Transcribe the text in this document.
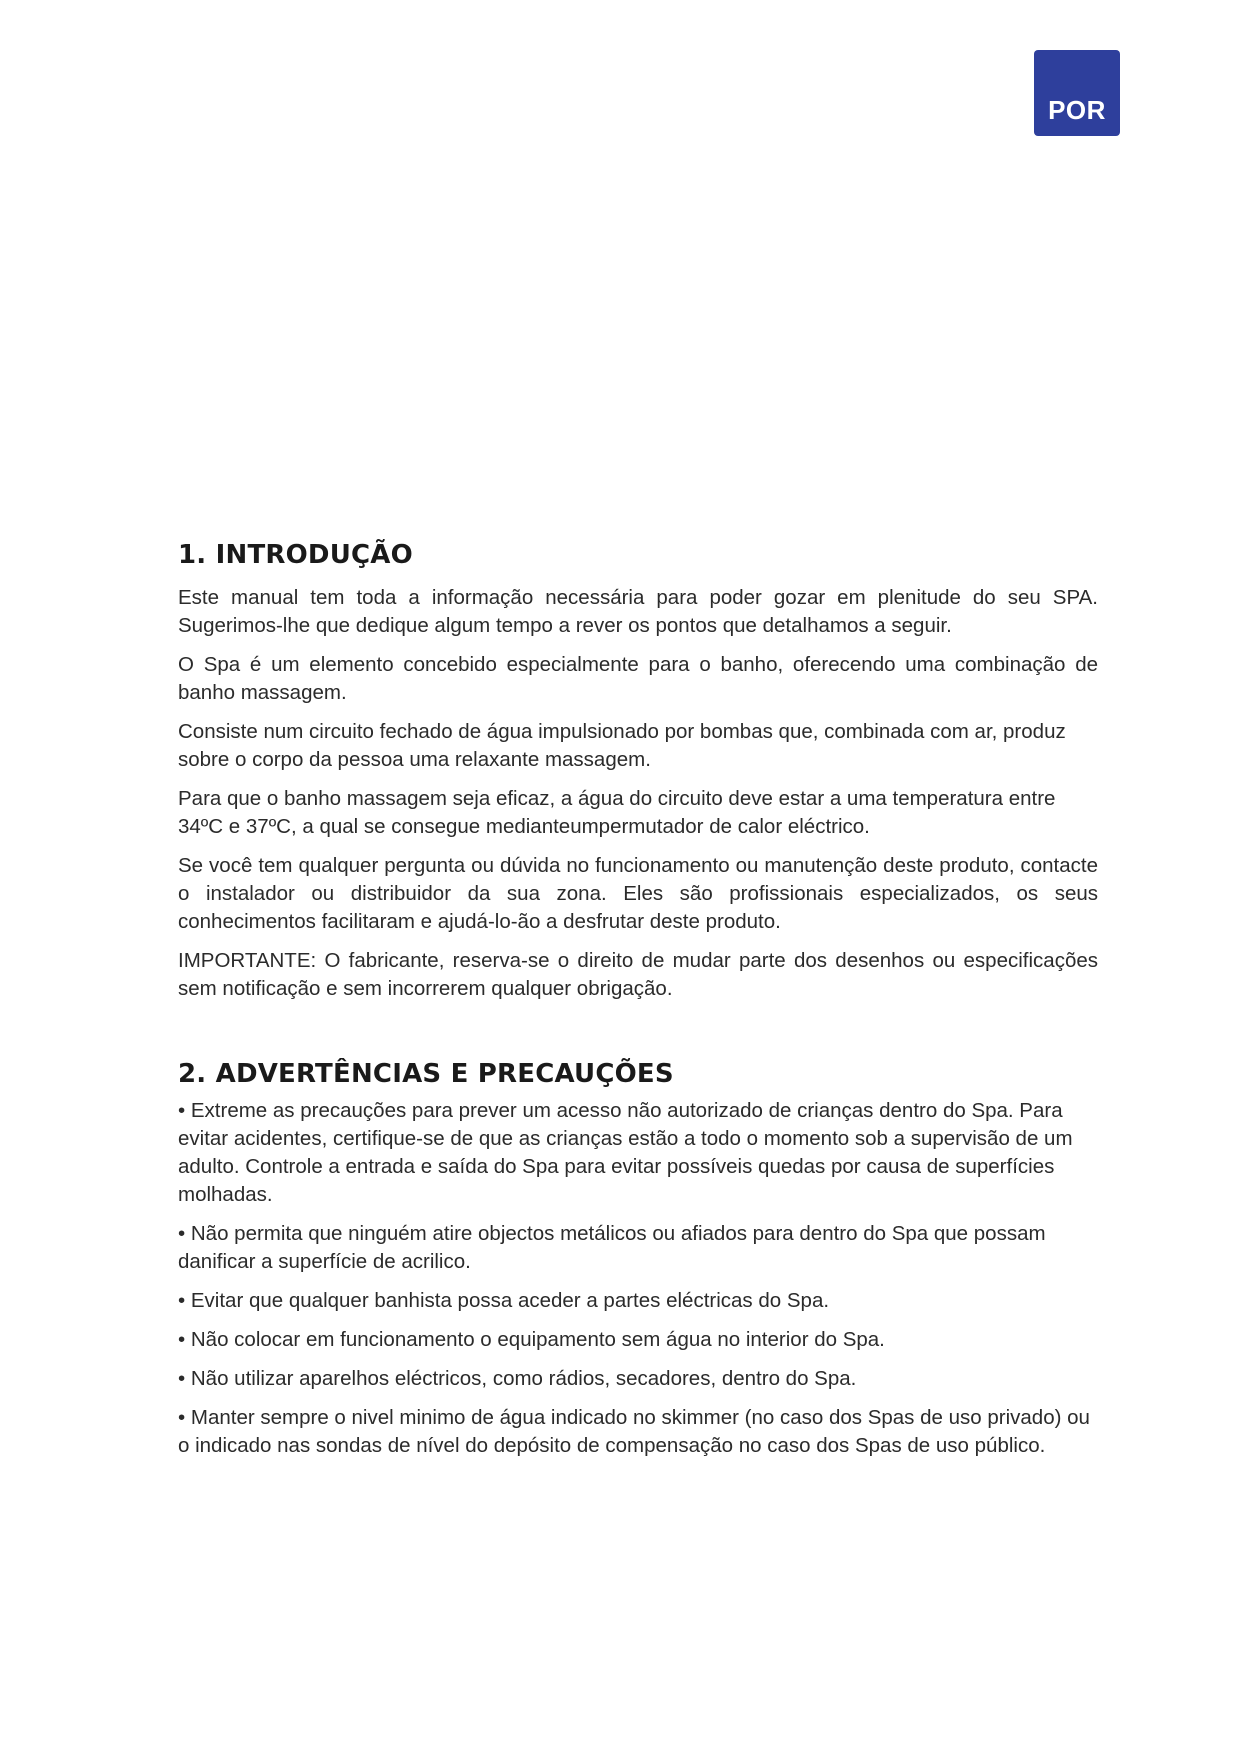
POR
1. INTRODUÇÃO

Este manual tem toda a informação necessária para poder gozar em plenitude do seu SPA. Sugerimos-lhe que dedique algum tempo a rever os pontos que detalhamos a seguir.

O Spa é um elemento concebido especialmente para o banho, oferecendo uma combinação de banho massagem.

Consiste num circuito fechado de água impulsionado por bombas que, combinada com ar, produz sobre o corpo da pessoa uma relaxante massagem.

Para que o banho massagem seja eficaz, a água do circuito deve estar a uma temperatura entre 34ºC e 37ºC, a qual se consegue medianteumpermutador de calor eléctrico.

Se você tem qualquer pergunta ou dúvida no funcionamento ou manutenção deste produto, contacte o instalador ou distribuidor da sua zona. Eles são profissionais especializados, os seus conhecimentos facilitaram e ajudá-lo-ão a desfrutar deste produto.

IMPORTANTE: O fabricante, reserva-se o direito de mudar parte dos desenhos ou especificações sem notificação e sem incorrerem qualquer obrigação.

2. ADVERTÊNCIAS E PRECAUÇÕES

• Extreme as precauções para prever um acesso não autorizado de crianças dentro do Spa. Para evitar acidentes, certifique-se de que as crianças estão a todo o momento sob a supervisão de um adulto. Controle a entrada e saída do Spa para evitar possíveis quedas por causa de superfícies molhadas.

• Não permita que ninguém atire objectos metálicos ou afiados para dentro do Spa que possam danificar a superfície de acrilico.

• Evitar que qualquer banhista possa aceder a partes eléctricas do Spa.

• Não colocar em funcionamento o equipamento sem água no interior do Spa.

• Não utilizar aparelhos eléctricos, como rádios, secadores, dentro do Spa.

• Manter sempre o nivel minimo de água indicado no skimmer (no caso dos Spas de uso privado) ou o indicado nas sondas de nível do depósito de compensação no caso dos Spas de uso público.
